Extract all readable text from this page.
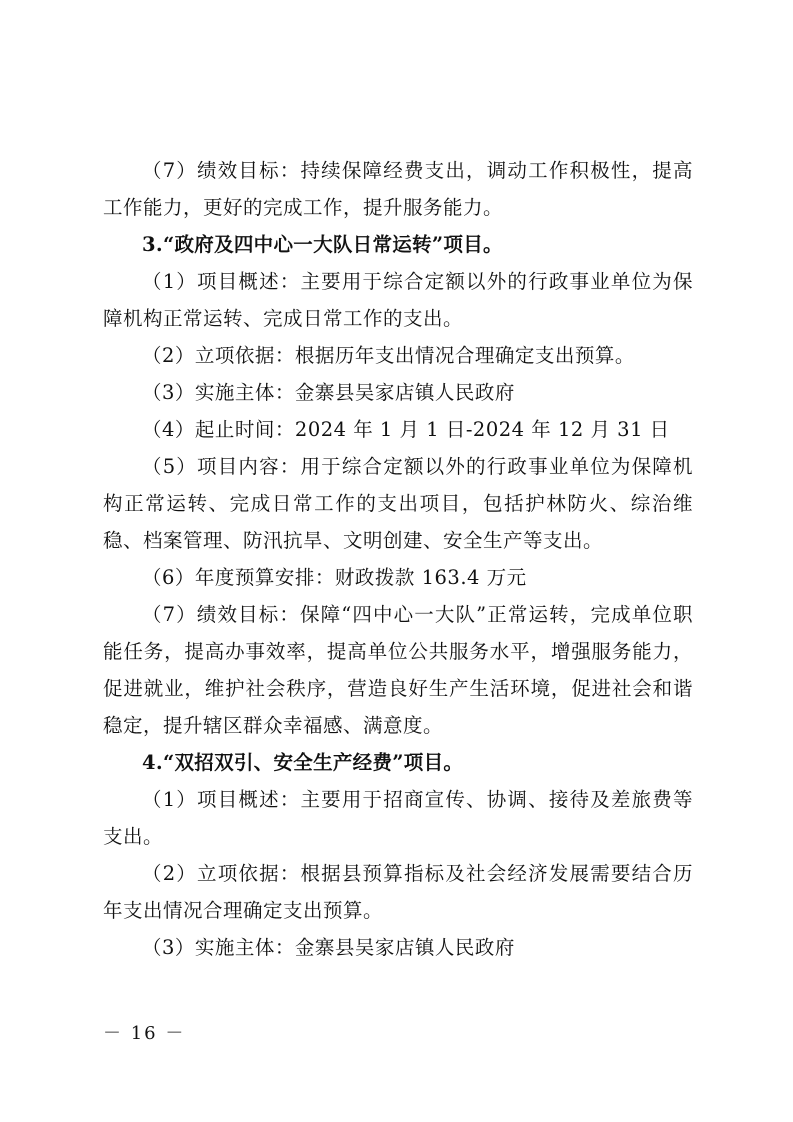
（7）绩效目标：持续保障经费支出，调动工作积极性，提高工作能力，更好的完成工作，提升服务能力。

3.“政府及四中心一大队日常运转”项目。

（1）项目概述：主要用于综合定额以外的行政事业单位为保障机构正常运转、完成日常工作的支出。

（2）立项依据：根据历年支出情况合理确定支出预算。

（3）实施主体：金寨县吴家店镇人民政府

（4）起止时间：2024 年 1 月 1 日-2024 年 12 月 31 日

（5）项目内容：用于综合定额以外的行政事业单位为保障机构正常运转、完成日常工作的支出项目，包括护林防火、综治维稳、档案管理、防汛抗旱、文明创建、安全生产等支出。

（6）年度预算安排：财政拨款 163.4 万元

（7）绩效目标：保障“四中心一大队”正常运转，完成单位职能任务，提高办事效率，提高单位公共服务水平，增强服务能力，促进就业，维护社会秩序，营造良好生产生活环境，促进社会和谐稳定，提升辖区群众幸福感、满意度。

4.“双招双引、安全生产经费”项目。

（1）项目概述：主要用于招商宣传、协调、接待及差旅费等支出。

（2）立项依据：根据县预算指标及社会经济发展需要结合历年支出情况合理确定支出预算。

（3）实施主体：金寨县吴家店镇人民政府

－ 16 －
